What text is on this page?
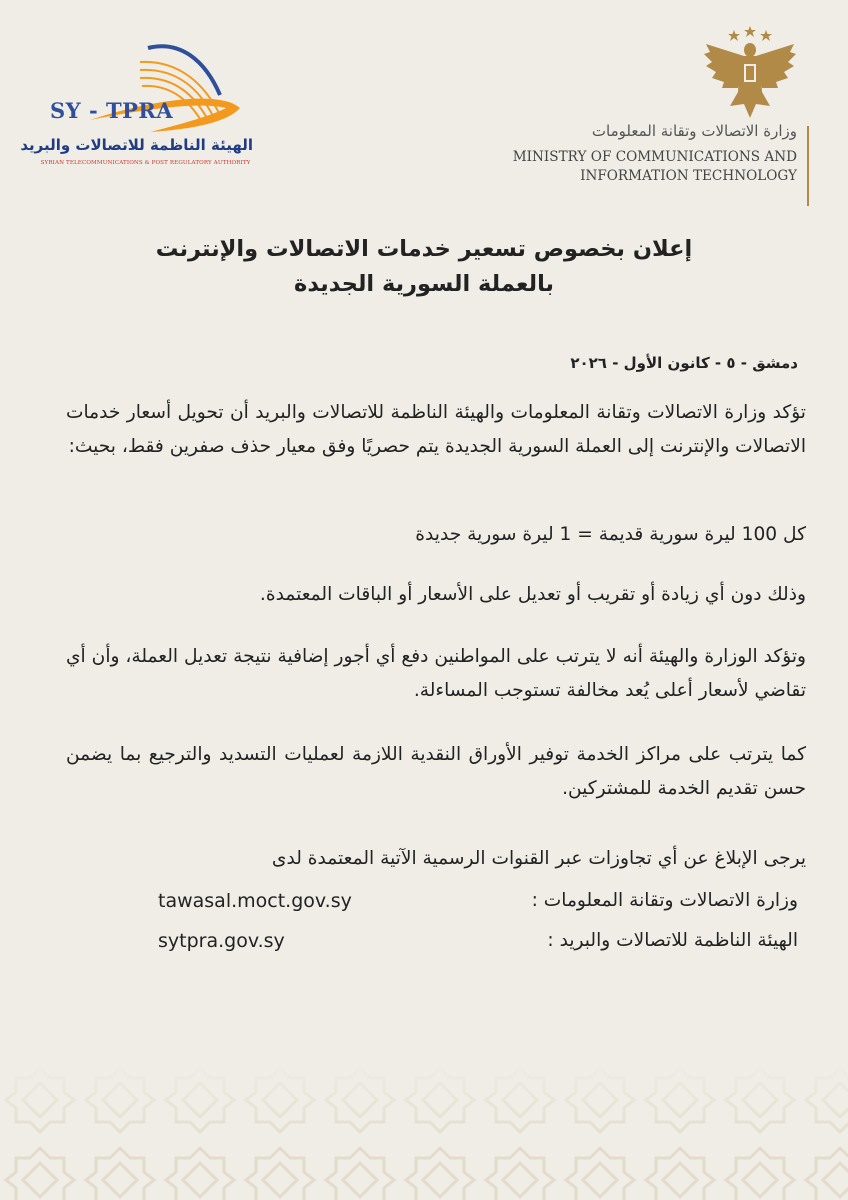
SY - TPRA
الهيئة الناظمة للاتصالات والبريد
SYRIAN TELECOMMUNICATIONS & POST REGULATORY AUTHORITY
وزارة الاتصالات وتقانة المعلومات
MINISTRY OF COMMUNICATIONS AND
INFORMATION TECHNOLOGY
إعلان بخصوص تسعير خدمات الاتصالات والإنترنت
بالعملة السورية الجديدة
دمشق - ٥ - كانون الأول - ٢٠٢٦
تؤكد وزارة الاتصالات وتقانة المعلومات والهيئة الناظمة للاتصالات والبريد أن تحويل أسعار خدمات الاتصالات والإنترنت إلى العملة السورية الجديدة يتم حصريًا وفق معيار حذف صفرين فقط، بحيث:
كل 100 ليرة سورية قديمة = 1 ليرة سورية جديدة
وذلك دون أي زيادة أو تقريب أو تعديل على الأسعار أو الباقات المعتمدة.
وتؤكد الوزارة والهيئة أنه لا يترتب على المواطنين دفع أي أجور إضافية نتيجة تعديل العملة، وأن أي تقاضي لأسعار أعلى يُعد مخالفة تستوجب المساءلة.
كما يترتب على مراكز الخدمة توفير الأوراق النقدية اللازمة لعمليات التسديد والترجيع بما يضمن حسن تقديم الخدمة للمشتركين.
يرجى الإبلاغ عن أي تجاوزات عبر القنوات الرسمية الآتية المعتمدة لدى
وزارة الاتصالات وتقانة المعلومات :
tawasal.moct.gov.sy
الهيئة الناظمة للاتصالات والبريد :
sytpra.gov.sy
